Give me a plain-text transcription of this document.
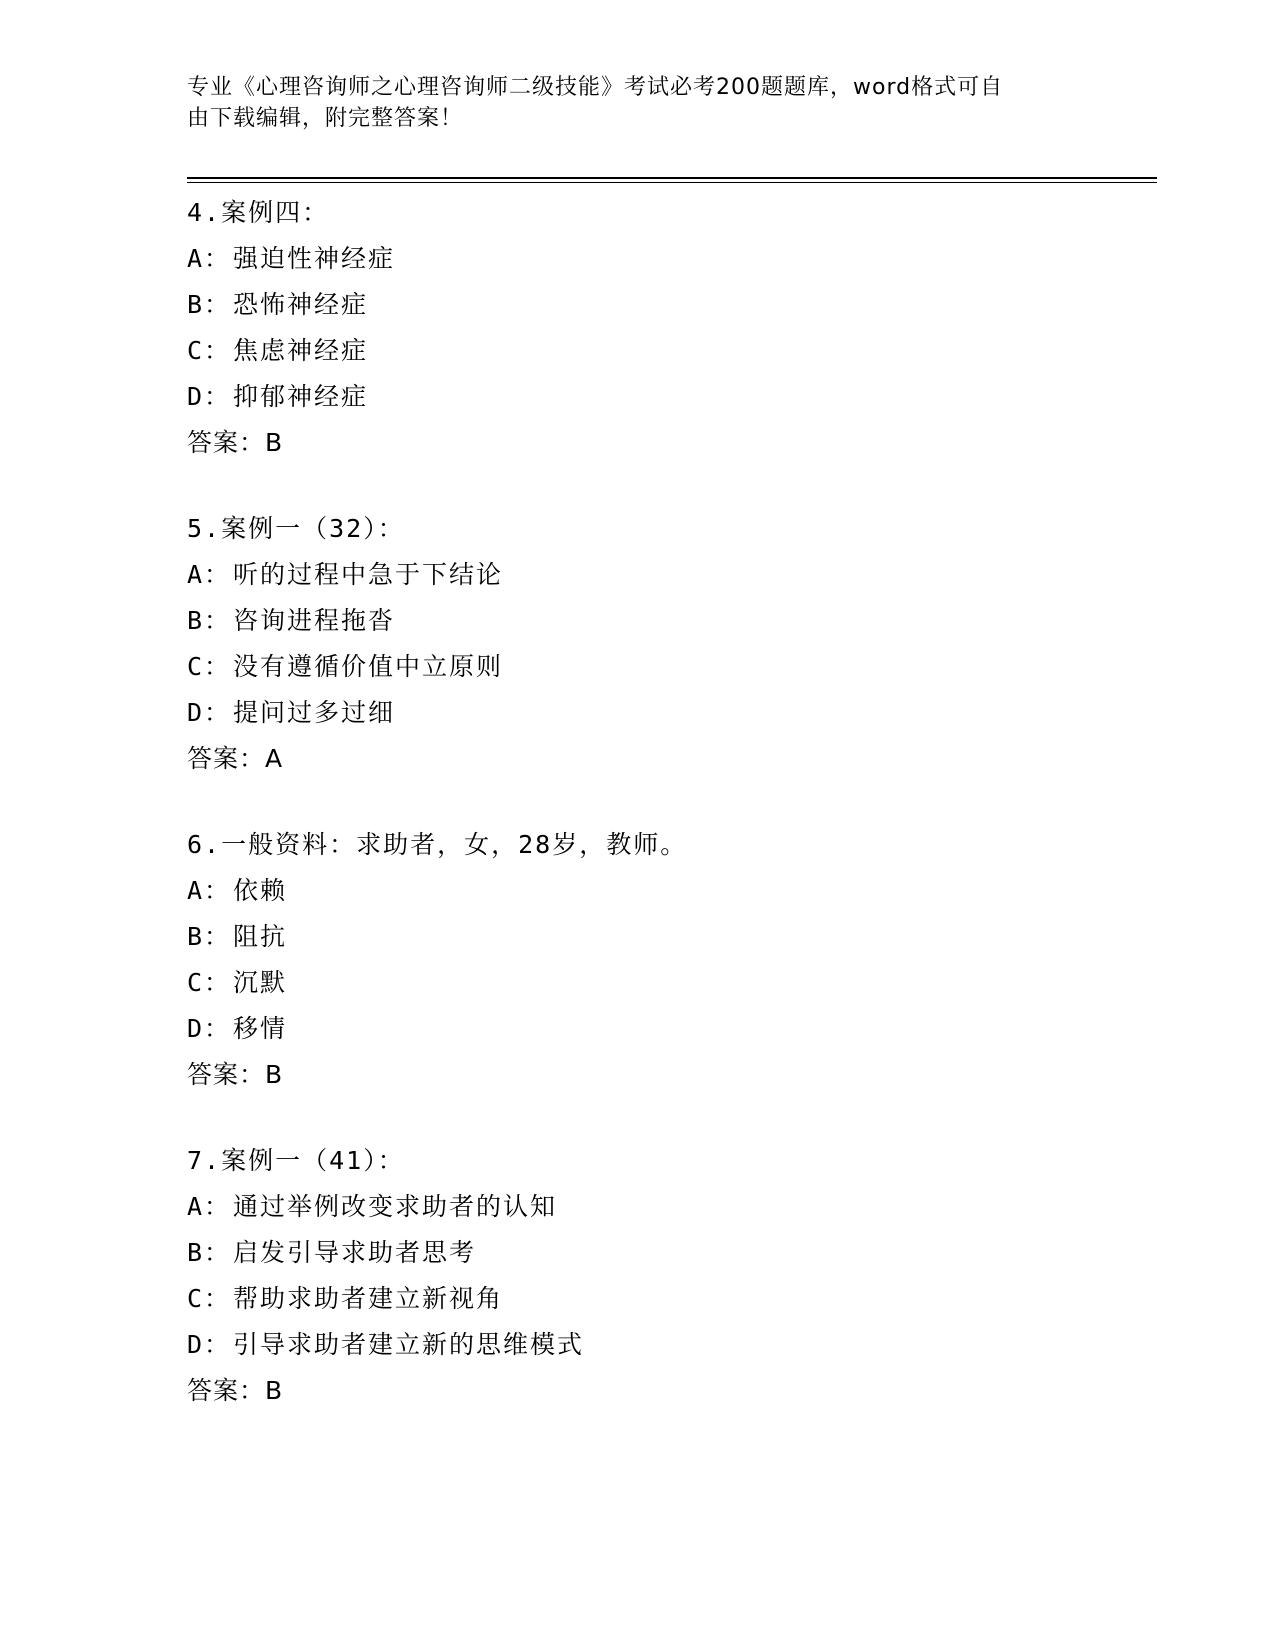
专业《心理咨询师之心理咨询师二级技能》考试必考200题题库，word格式可自
由下载编辑，附完整答案！
4.案例四：
A：强迫性神经症
B：恐怖神经症
C：焦虑神经症
D：抑郁神经症
答案：B
5.案例一（32）：
A：听的过程中急于下结论
B：咨询进程拖沓
C：没有遵循价值中立原则
D：提问过多过细
答案：A
6.一般资料：求助者，女，28岁，教师。
A：依赖
B：阻抗
C：沉默
D：移情
答案：B
7.案例一（41）：
A：通过举例改变求助者的认知
B：启发引导求助者思考
C：帮助求助者建立新视角
D：引导求助者建立新的思维模式
答案：B
